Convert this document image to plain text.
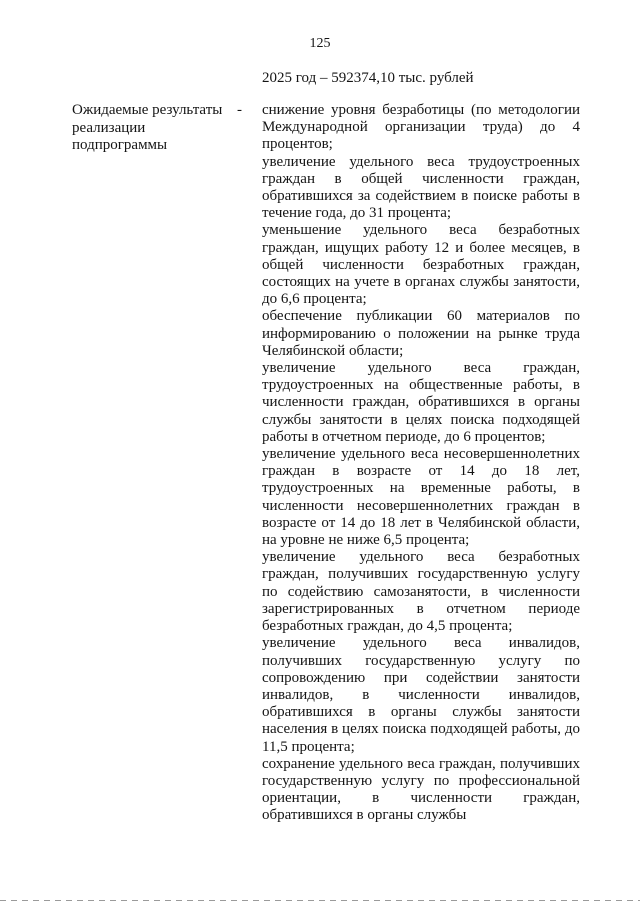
125
2025 год – 592374,10 тыс. рублей
Ожидаемые результаты реализации подпрограммы
- снижение уровня безработицы (по методологии Международной организации труда) до 4 процентов;

увеличение удельного веса трудоустроенных граждан в общей численности граждан, обратившихся за содействием в поиске работы в течение года, до 31 процента;

уменьшение удельного веса безработных граждан, ищущих работу 12 и более месяцев, в общей численности безработных граждан, состоящих на учете в органах службы занятости, до 6,6 процента;

обеспечение публикации 60 материалов по информированию о положении на рынке труда Челябинской области;

увеличение удельного веса граждан, трудоустроенных на общественные работы, в численности граждан, обратившихся в органы службы занятости в целях поиска подходящей работы в отчетном периоде, до 6 процентов;

увеличение удельного веса несовершеннолетних граждан в возрасте от 14 до 18 лет, трудоустроенных на временные работы, в численности несовершеннолетних граждан в возрасте от 14 до 18 лет в Челябинской области, на уровне не ниже 6,5 процента;

увеличение удельного веса безработных граждан, получивших государственную услугу по содействию самозанятости, в численности зарегистрированных в отчетном периоде безработных граждан, до 4,5 процента;

увеличение удельного веса инвалидов, получивших государственную услугу по сопровождению при содействии занятости инвалидов, в численности инвалидов, обратившихся в органы службы занятости населения в целях поиска подходящей работы, до 11,5 процента;

сохранение удельного веса граждан, получивших государственную услугу по профессиональной ориентации, в численности граждан, обратившихся в органы службы
